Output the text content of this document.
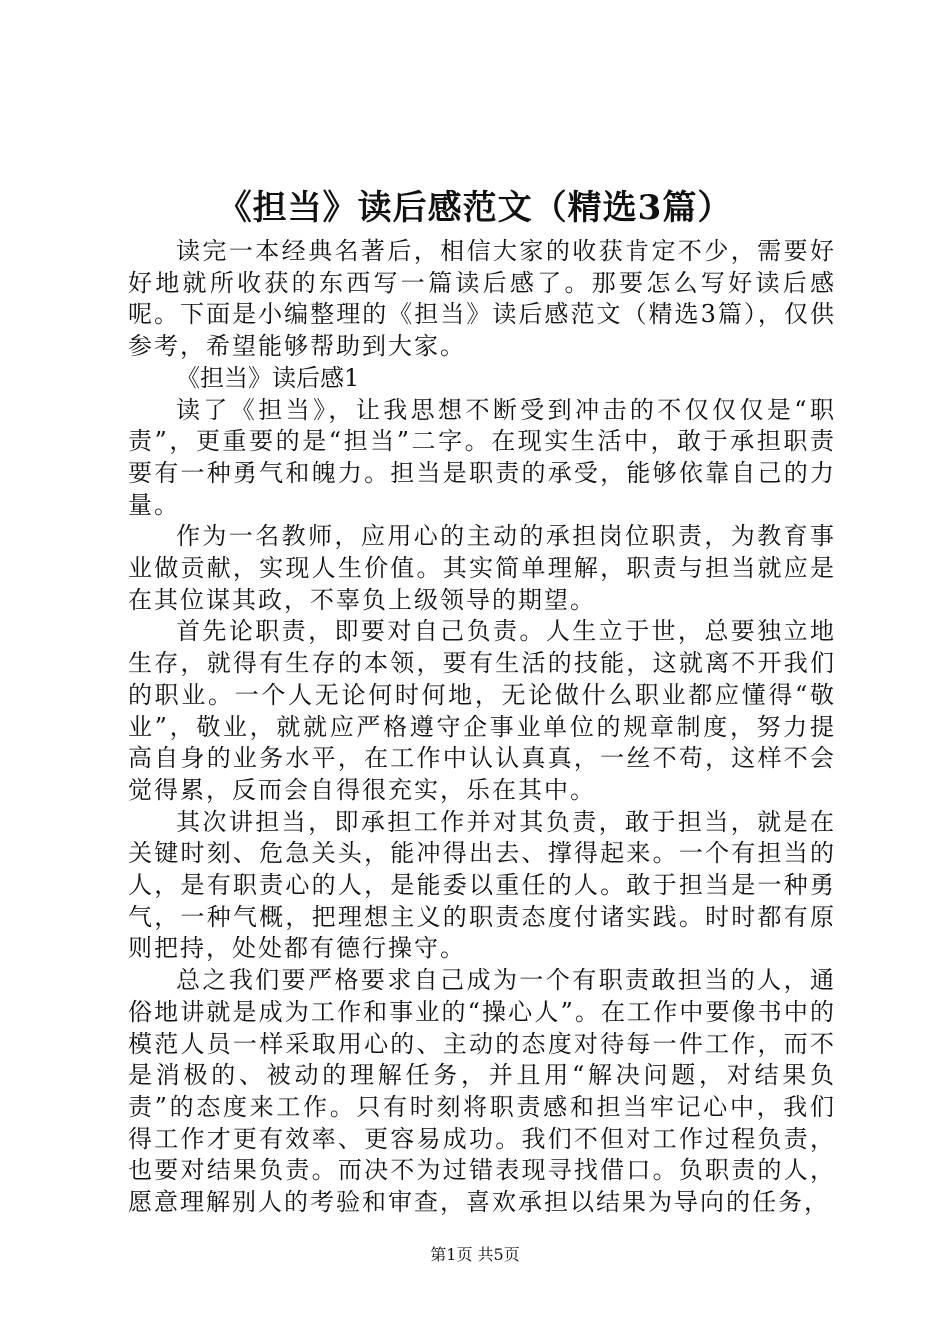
《担当》读后感范文（精选3篇）

读完一本经典名著后，相信大家的收获肯定不少，需要好好地就所收获的东西写一篇读后感了。那要怎么写好读后感呢。下面是小编整理的《担当》读后感范文（精选3篇），仅供参考，希望能够帮助到大家。

《担当》读后感1

读了《担当》，让我思想不断受到冲击的不仅仅仅是“职责”，更重要的是“担当”二字。在现实生活中，敢于承担职责要有一种勇气和魄力。担当是职责的承受，能够依靠自己的力量。

作为一名教师，应用心的主动的承担岗位职责，为教育事业做贡献，实现人生价值。其实简单理解，职责与担当就应是在其位谋其政，不辜负上级领导的期望。

首先论职责，即要对自己负责。人生立于世，总要独立地生存，就得有生存的本领，要有生活的技能，这就离不开我们的职业。一个人无论何时何地，无论做什么职业都应懂得“敬业”，敬业，就就应严格遵守企事业单位的规章制度，努力提高自身的业务水平，在工作中认认真真，一丝不苟，这样不会觉得累，反而会自得很充实，乐在其中。

其次讲担当，即承担工作并对其负责，敢于担当，就是在关键时刻、危急关头，能冲得出去、撑得起来。一个有担当的人，是有职责心的人，是能委以重任的人。敢于担当是一种勇气，一种气概，把理想主义的职责态度付诸实践。时时都有原则把持，处处都有德行操守。

总之我们要严格要求自己成为一个有职责敢担当的人，通俗地讲就是成为工作和事业的“操心人”。在工作中要像书中的模范人员一样采取用心的、主动的态度对待每一件工作，而不是消极的、被动的理解任务，并且用“解决问题，对结果负责”的态度来工作。只有时刻将职责感和担当牢记心中，我们得工作才更有效率、更容易成功。我们不但对工作过程负责，也要对结果负责。而决不为过错表现寻找借口。负职责的人，愿意理解别人的考验和审查，喜欢承担以结果为导向的任务，

第1页 共5页
